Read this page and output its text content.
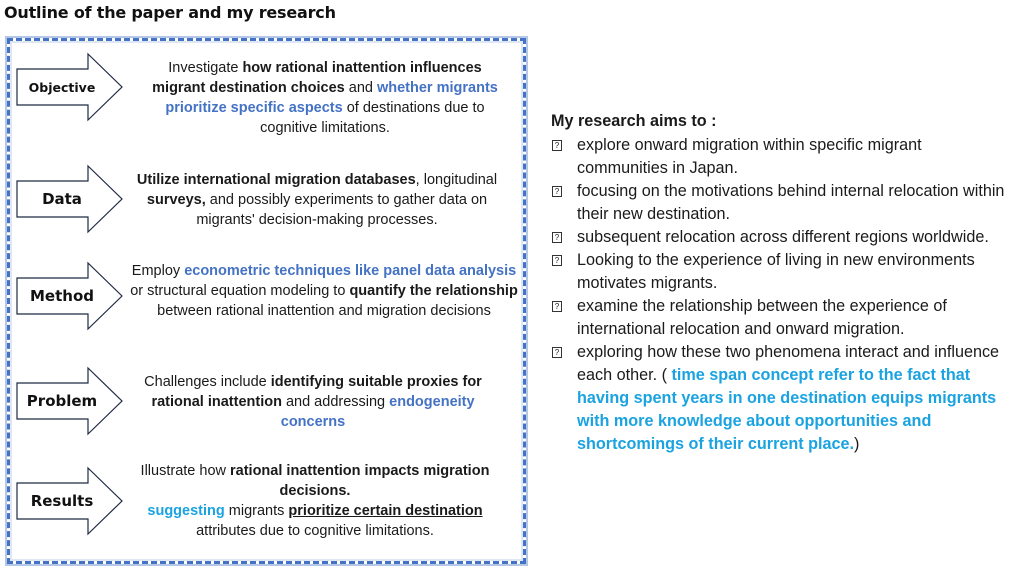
Outline of the paper and my research
Objective
Data
Method
Problem
Results
Investigate how rational inattention influences migrant destination choices and whether migrants prioritize specific aspects of destinations due to cognitive limitations.
Utilize international migration databases, longitudinal surveys, and possibly experiments to gather data on migrants' decision-making processes.
Employ econometric techniques like panel data analysis or structural equation modeling to quantify the relationship between rational inattention and migration decisions
Challenges include identifying suitable proxies for rational inattention and addressing endogeneity concerns
Illustrate how rational inattention impacts migration decisions.
suggesting migrants prioritize certain destination attributes due to cognitive limitations.
My research aims to :
? explore onward migration within specific migrant communities in Japan.
? focusing on the motivations behind internal relocation within their new destination.
? subsequent relocation across different regions worldwide.
? Looking to the experience of living in new environments motivates migrants.
? examine the relationship between the experience of international relocation and onward migration.
? exploring how these two phenomena interact and influence each other. ( time span concept refer to the fact that having spent years in one destination equips migrants with more knowledge about opportunities and shortcomings of their current place.)
